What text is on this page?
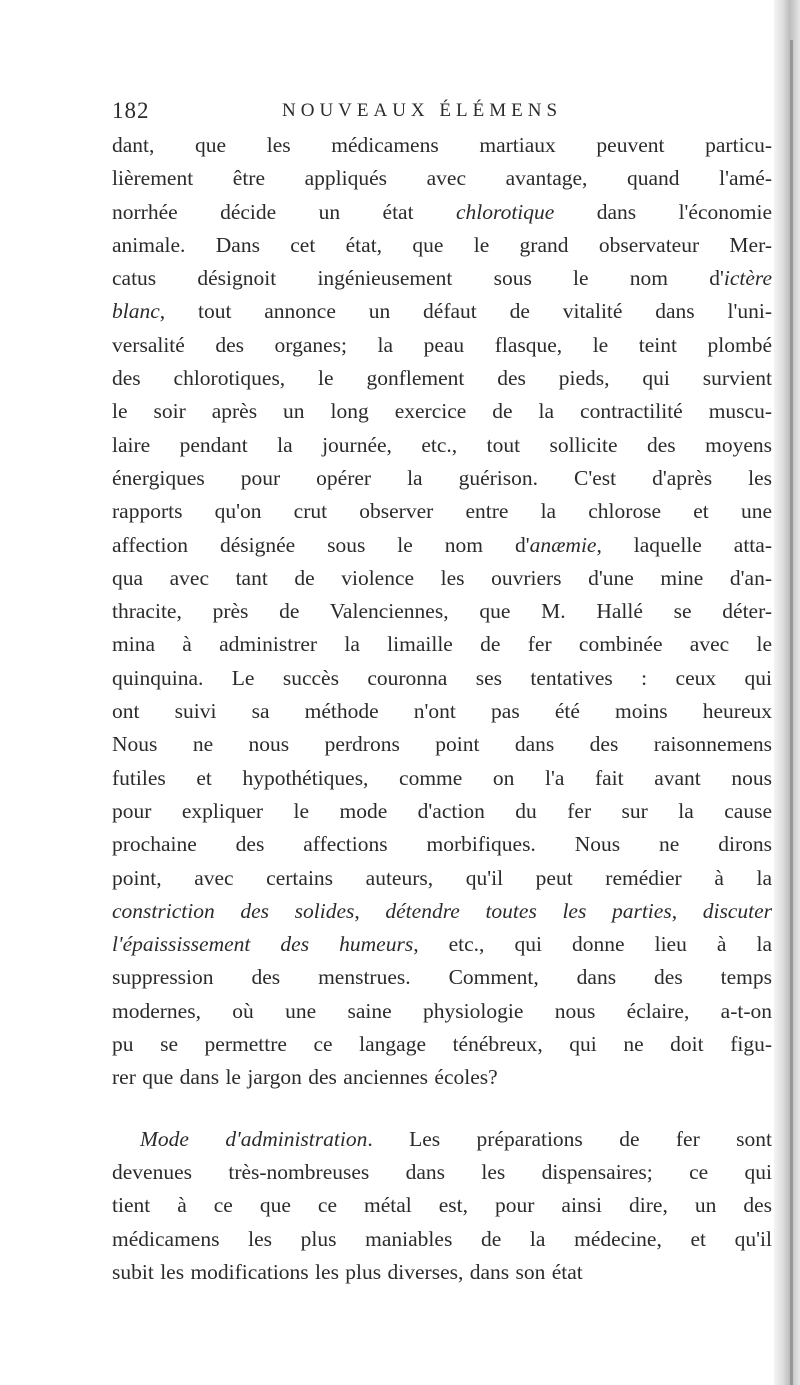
182	NOUVEAUX ÉLÉMENS
dant, que les médicamens martiaux peuvent particu-
lièrement être appliqués avec avantage, quand l'amé-
norrhée décide un état chlorotique dans l'économie
animale. Dans cet état, que le grand observateur Mer-
catus désignoit ingénieusement sous le nom d'ictère
blanc, tout annonce un défaut de vitalité dans l'uni-
versalité des organes; la peau flasque, le teint plombé
des chlorotiques, le gonflement des pieds, qui survient
le soir après un long exercice de la contractilité muscu-
laire pendant la journée, etc., tout sollicite des moyens
énergiques pour opérer la guérison. C'est d'après les
rapports qu'on crut observer entre la chlorose et une
affection désignée sous le nom d'anæmie, laquelle atta-
qua avec tant de violence les ouvriers d'une mine d'an-
thracite, près de Valenciennes, que M. Hallé se déter-
mina à administrer la limaille de fer combinée avec le
quinquina. Le succès couronna ses tentatives : ceux qui
ont suivi sa méthode n'ont pas été moins heureux
Nous ne nous perdrons point dans des raisonnemens
futiles et hypothétiques, comme on l'a fait avant nous
pour expliquer le mode d'action du fer sur la cause
prochaine des affections morbifiques. Nous ne dirons
point, avec certains auteurs, qu'il peut remédier à la
constriction des solides, détendre toutes les parties, discuter
l'épaississement des humeurs, etc., qui donne lieu à la
suppression des menstrues. Comment, dans des temps
modernes, où une saine physiologie nous éclaire, a-t-on
pu se permettre ce langage ténébreux, qui ne doit figu-
rer que dans le jargon des anciennes écoles?
Mode d'administration. Les préparations de fer sont
devenues très-nombreuses dans les dispensaires; ce qui
tient à ce que ce métal est, pour ainsi dire, un des
médicamens les plus maniables de la médecine, et qu'il
subit les modifications les plus diverses, dans son état
